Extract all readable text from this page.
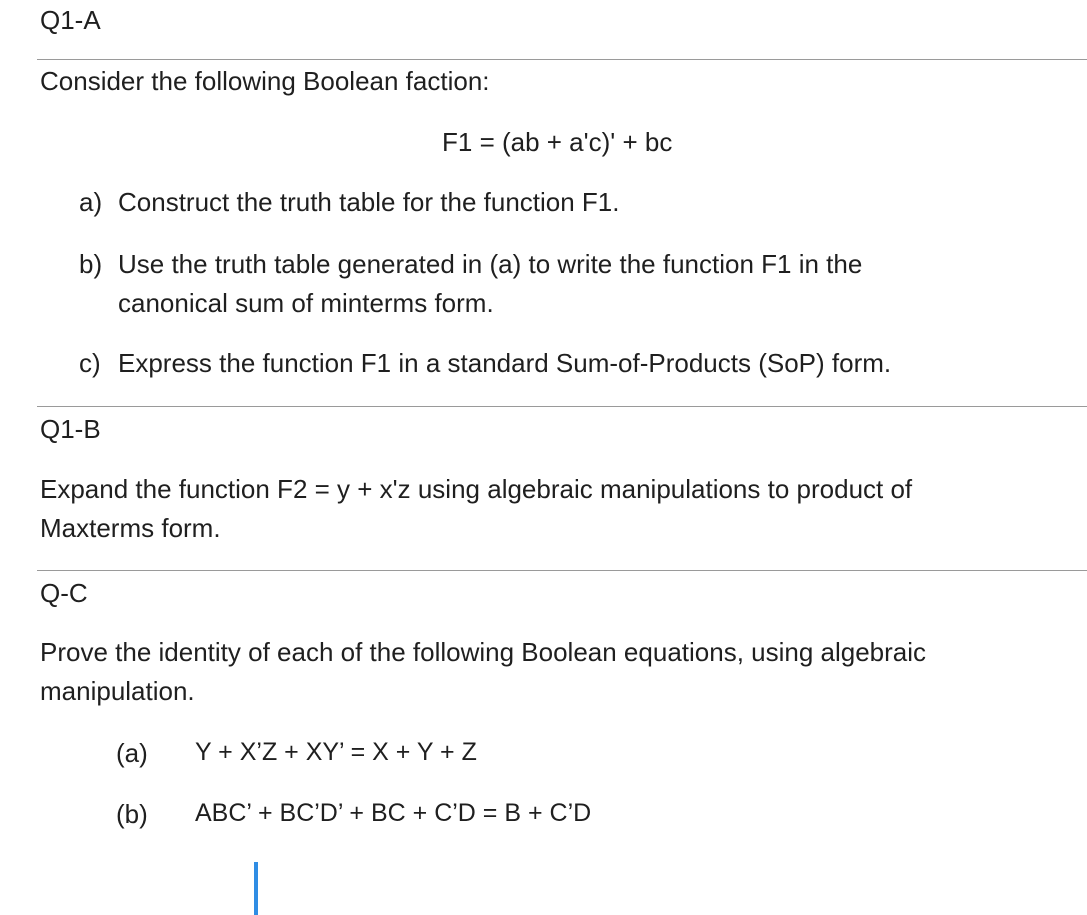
Q1-A
Consider the following Boolean faction:
F1 = (ab + a'c)' + bc
a) Construct the truth table for the function F1.
b) Use the truth table generated in (a) to write the function F1 in the
canonical sum of minterms form.
c) Express the function F1 in a standard Sum-of-Products (SoP) form.
Q1-B
Expand the function F2 = y + x'z using algebraic manipulations to product of
Maxterms form.
Q-C
Prove the identity of each of the following Boolean equations, using algebraic
manipulation.
(a) Y + X’Z + XY’ = X + Y + Z
(b) ABC’ + BC’D’ + BC + C’D = B + C’D
